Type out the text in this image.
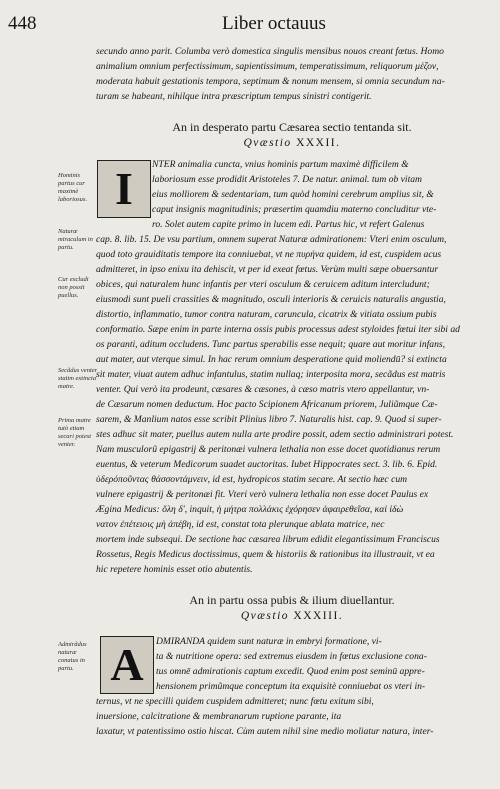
448	Liber octauus
secundo anno parit. Columba verò domestica singulis mensibus nouos creant fœtus. Homo
animalium omnium perfectissimum, sapientissimum, temperatissimum, reliquorum μέζον,
moderata habuit gestationis tempora, septimum & nonum mensem, si omnia secundum na-
turam se habeant, nihilque intra præscriptum tempus sinistri contigerit.
An in desperato partu Cæsarea sectio tentanda sit.
Qvæstio XXXII.
I NTER animalia cuncta, vnius hominis partum maximè difficilem &
laboriosum esse prodidit Aristoteles 7. De natur. animal. tum ob vitam
eius molliorem & sedentariam, tum quòd homini cerebrum amplius sit, &
caput insignis magnitudinis; præsertim quamdiu materno concluditur vte-
ro. Solet autem capite primo in lucem edi. Partus hic, vt refert Galenus
cap. 8. lib. 15. De vsu partium, omnem superat Naturæ admirationem: Vteri enim osculum,
quod toto grauiditatis tempore ita conniuebat, vt ne πυρήνα quidem, id est, cuspidem acus
admitteret, in ipso enixu ita dehiscit, vt per id exeat fœtus. Verùm multi sæpe obuersantur
obices, qui naturalem hunc infantis per vteri osculum & ceruicem aditum intercludunt;
eiusmodi sunt pueli crassities & magnitudo, osculi interioris & ceruicis naturalis angustia,
distortio, inflammatio, tumor contra naturam, caruncula, cicatrix & vitiata ossium pubis
conformatio. Sæpe enim in parte interna ossis pubis processus adest styloides fœtui iter sibi ad
os paranti, aditum occludens. Tunc partus sperabilis esse nequit; quare aut moritur infans,
aut mater, aut vterque simul. In hac rerum omnium desperatione quid moliendū? si extincta
sit mater, viuat autem adhuc infantulus, statim nullaq; interposita mora, secãdus est matris
venter. Qui verò ita prodeunt, cæsares & cæsones, à cæso matris vtero appellantur, vn-
de Cæsarum nomen deductum. Hoc pacto Scipionem Africanum priorem, Juliũmque Cæ-
sarem, & Manlium natos esse scribit Plinius libro 7. Naturalis hist. cap. 9. Quod si super-
stes adhuc sit mater, puellus autem nulla arte prodire possit, adem sectio administrari potest.
Nam musculorũ epigastrij & peritonæi vulnera lethalia non esse docet quotidianus rerum
euentus, & veterum Medicorum suadet auctoritas. Iubet Hippocrates sect. 3. lib. 6. Epid.
ὑδερόποῦντας θάσσοντάμνειν, id est, hydropicos statim secare. At sectio hæc cum
vulnere epigastrij & peritonæi fit. Vteri verò vulnera lethalia non esse docet Paulus ex
Ægina Medicus: ὅλη δ', inquit, ἡ μήτρα πολλάκις ἐχόρησεν ἀφαιρεθεῖσα, καὶ ἰδὼ
νατον ἐπέτειοις μὴ ἀπέβη, id est, constat tota plerunque ablata matrice, nec
mortem inde subsequi. De sectione hac cæsarea librum edidit elegantissimum Franciscus
Rossetus, Regis Medicus doctissimus, quem & historiis & rationibus ita illustrauit, vt ea
hic repetere hominis esset otio abutentis.
An in partu ossa pubis & ilium diuellantur.
Qvæstio XXXIII.
A DMIRANDA quidem sunt naturæ in embryi formatione, vi-
ta & nutritione opera: sed extremus eiusdem in fœtus exclusione cona-
tus omnē admirationis captum excedit. Quod enim post seminū appre-
hensionem primũmque conceptum ita exquisitè conniuebat os vteri in-
ternus, vt ne specilli quidem cuspidem admitteret; nunc fœtu exitum sibi,
inuersione, calcitratione & membranarum ruptione parante, ita
laxatur, vt patentissimo ostio hiscat. Cùm autem nihil sine medio moliatur natura, inter-
Hominis partus cur maximè laboriosus.
Naturæ miraculum in partu.
Cur excludi non possit puellus.
Secãdus venter statim extincta matre.
Prima matre tutò etiam secari potest venter.
Admirãdus naturæ conatus in partu.
